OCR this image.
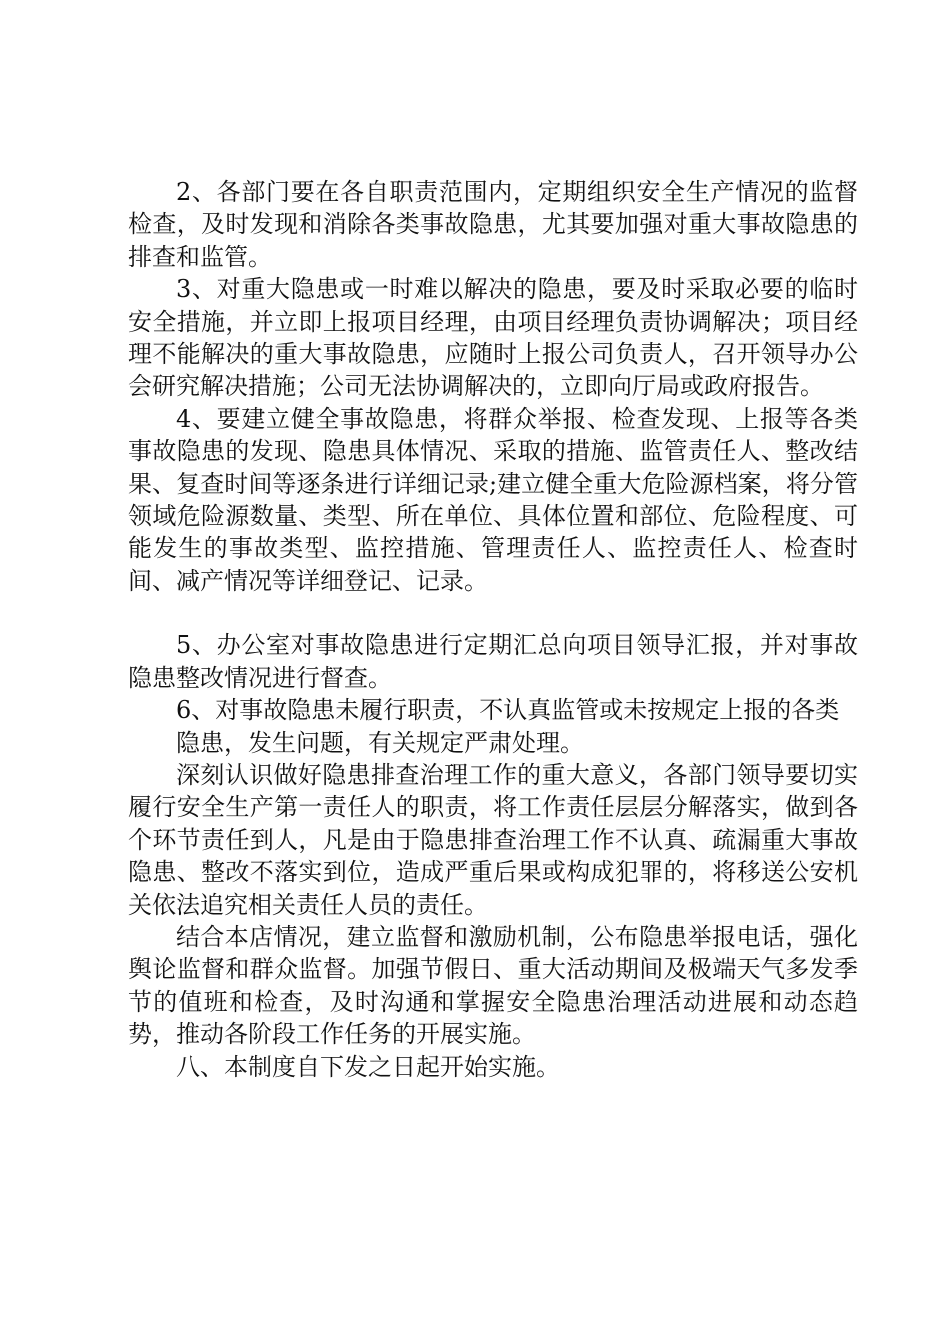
2、各部门要在各自职责范围内，定期组织安全生产情况的监督检查，及时发现和消除各类事故隐患，尤其要加强对重大事故隐患的排查和监管。

3、对重大隐患或一时难以解决的隐患，要及时采取必要的临时安全措施，并立即上报项目经理，由项目经理负责协调解决；项目经理不能解决的重大事故隐患，应随时上报公司负责人，召开领导办公会研究解决措施；公司无法协调解决的，立即向厅局或政府报告。

4、要建立健全事故隐患，将群众举报、检查发现、上报等各类事故隐患的发现、隐患具体情况、采取的措施、监管责任人、整改结果、复查时间等逐条进行详细记录;建立健全重大危险源档案，将分管领域危险源数量、类型、所在单位、具体位置和部位、危险程度、可能发生的事故类型、监控措施、管理责任人、监控责任人、检查时间、减产情况等详细登记、记录。

5、办公室对事故隐患进行定期汇总向项目领导汇报，并对事故隐患整改情况进行督查。

6、对事故隐患未履行职责，不认真监管或未按规定上报的各类

隐患，发生问题，有关规定严肃处理。

深刻认识做好隐患排查治理工作的重大意义，各部门领导要切实履行安全生产第一责任人的职责，将工作责任层层分解落实，做到各个环节责任到人，凡是由于隐患排查治理工作不认真、疏漏重大事故隐患、整改不落实到位，造成严重后果或构成犯罪的，将移送公安机关依法追究相关责任人员的责任。

结合本店情况，建立监督和激励机制，公布隐患举报电话，强化舆论监督和群众监督。加强节假日、重大活动期间及极端天气多发季节的值班和检查，及时沟通和掌握安全隐患治理活动进展和动态趋势，推动各阶段工作任务的开展实施。

八、本制度自下发之日起开始实施。
